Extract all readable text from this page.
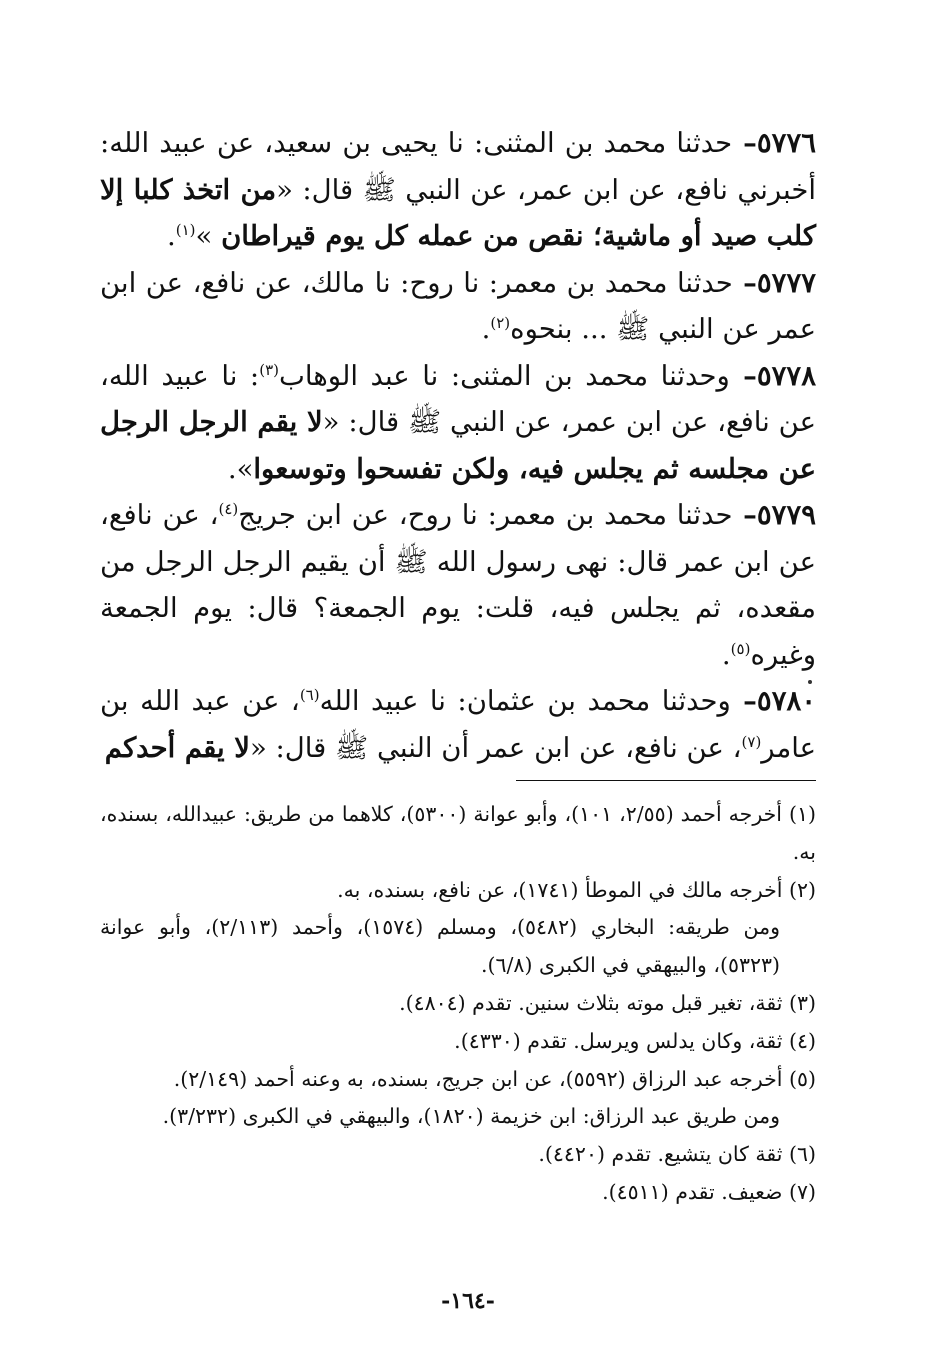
٥٧٧٦– حدثنا محمد بن المثنى: نا يحيى بن سعيد، عن عبيد الله: أخبرني نافع، عن ابن عمر، عن النبي ﷺ قال: «من اتخذ كلبا إلا كلب صيد أو ماشية؛ نقص من عمله كل يوم قيراطان »$^{(١)}$.

٥٧٧٧– حدثنا محمد بن معمر: نا روح: نا مالك، عن نافع، عن ابن عمر عن النبي ﷺ ... بنحوه$^{(٢)}$.

٥٧٧٨– وحدثنا محمد بن المثنى: نا عبد الوهاب$^{(٣)}$: نا عبيد الله، عن نافع، عن ابن عمر، عن النبي ﷺ قال: «لا يقم الرجل الرجل عن مجلسه ثم يجلس فيه، ولكن تفسحوا وتوسعوا».

٥٧٧٩– حدثنا محمد بن معمر: نا روح، عن ابن جريج$^{(٤)}$، عن نافع، عن ابن عمر قال: نهى رسول الله ﷺ أن يقيم الرجل الرجل من مقعده، ثم يجلس فيه، قلت: يوم الجمعة؟ قال: يوم الجمعة وغيره$^{(٥)}$.

٥٧٨٠– وحدثنا محمد بن عثمان: نا عبيد الله$^{(٦)}$، عن عبد الله بن عامر$^{(٧)}$، عن نافع، عن ابن عمر أن النبي ﷺ قال: «لا يقم أحدكم

(١) أخرجه أحمد (٢/٥٥، ١٠١)، وأبو عوانة (٥٣٠٠)، كلاهما من طريق: عبيدالله، بسنده، به.

(٢) أخرجه مالك في الموطأ (١٧٤١)، عن نافع، بسنده، به.

ومن طريقه: البخاري (٥٤٨٢)، ومسلم (١٥٧٤)، وأحمد (٢/١١٣)، وأبو عوانة (٥٣٢٣)، والبيهقي في الكبرى (٦/٨).

(٣) ثقة، تغير قبل موته بثلاث سنين. تقدم (٤٨٠٤).

(٤) ثقة، وكان يدلس ويرسل. تقدم (٤٣٣٠).

(٥) أخرجه عبد الرزاق (٥٥٩٢)، عن ابن جريج، بسنده، به وعنه أحمد (٢/١٤٩).

ومن طريق عبد الرزاق: ابن خزيمة (١٨٢٠)، والبيهقي في الكبرى (٣/٢٣٢).

(٦) ثقة كان يتشيع. تقدم (٤٤٢٠).

(٧) ضعيف. تقدم (٤٥١١).

-١٦٤-
